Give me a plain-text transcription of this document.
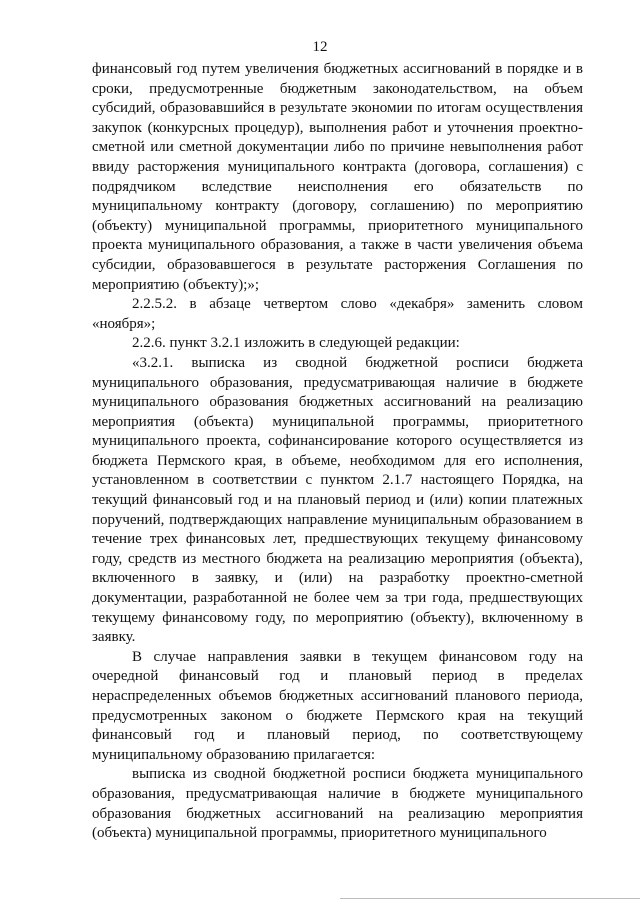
12

финансовый год путем увеличения бюджетных ассигнований в порядке и в сроки, предусмотренные бюджетным законодательством, на объем субсидий, образовавшийся в результате экономии по итогам осуществления закупок (конкурсных процедур), выполнения работ и уточнения проектно-сметной или сметной документации либо по причине невыполнения работ ввиду расторжения муниципального контракта (договора, соглашения) с подрядчиком вследствие неисполнения его обязательств по муниципальному контракту (договору, соглашению) по мероприятию (объекту) муниципальной программы, приоритетного муниципального проекта муниципального образования, а также в части увеличения объема субсидии, образовавшегося в результате расторжения Соглашения по мероприятию (объекту);»;

2.2.5.2. в абзаце четвертом слово «декабря» заменить словом «ноября»;

2.2.6. пункт 3.2.1 изложить в следующей редакции:

«3.2.1. выписка из сводной бюджетной росписи бюджета муниципального образования, предусматривающая наличие в бюджете муниципального образования бюджетных ассигнований на реализацию мероприятия (объекта) муниципальной программы, приоритетного муниципального проекта, софинансирование которого осуществляется из бюджета Пермского края, в объеме, необходимом для его исполнения, установленном в соответствии с пунктом 2.1.7 настоящего Порядка, на текущий финансовый год и на плановый период и (или) копии платежных поручений, подтверждающих направление муниципальным образованием в течение трех финансовых лет, предшествующих текущему финансовому году, средств из местного бюджета на реализацию мероприятия (объекта), включенного в заявку, и (или) на разработку проектно-сметной документации, разработанной не более чем за три года, предшествующих текущему финансовому году, по мероприятию (объекту), включенному в заявку.

В случае направления заявки в текущем финансовом году на очередной финансовый год и плановый период в пределах нераспределенных объемов бюджетных ассигнований планового периода, предусмотренных законом о бюджете Пермского края на текущий финансовый год и плановый период, по соответствующему муниципальному образованию прилагается:

выписка из сводной бюджетной росписи бюджета муниципального образования, предусматривающая наличие в бюджете муниципального образования бюджетных ассигнований на реализацию мероприятия (объекта) муниципальной программы, приоритетного муниципального
